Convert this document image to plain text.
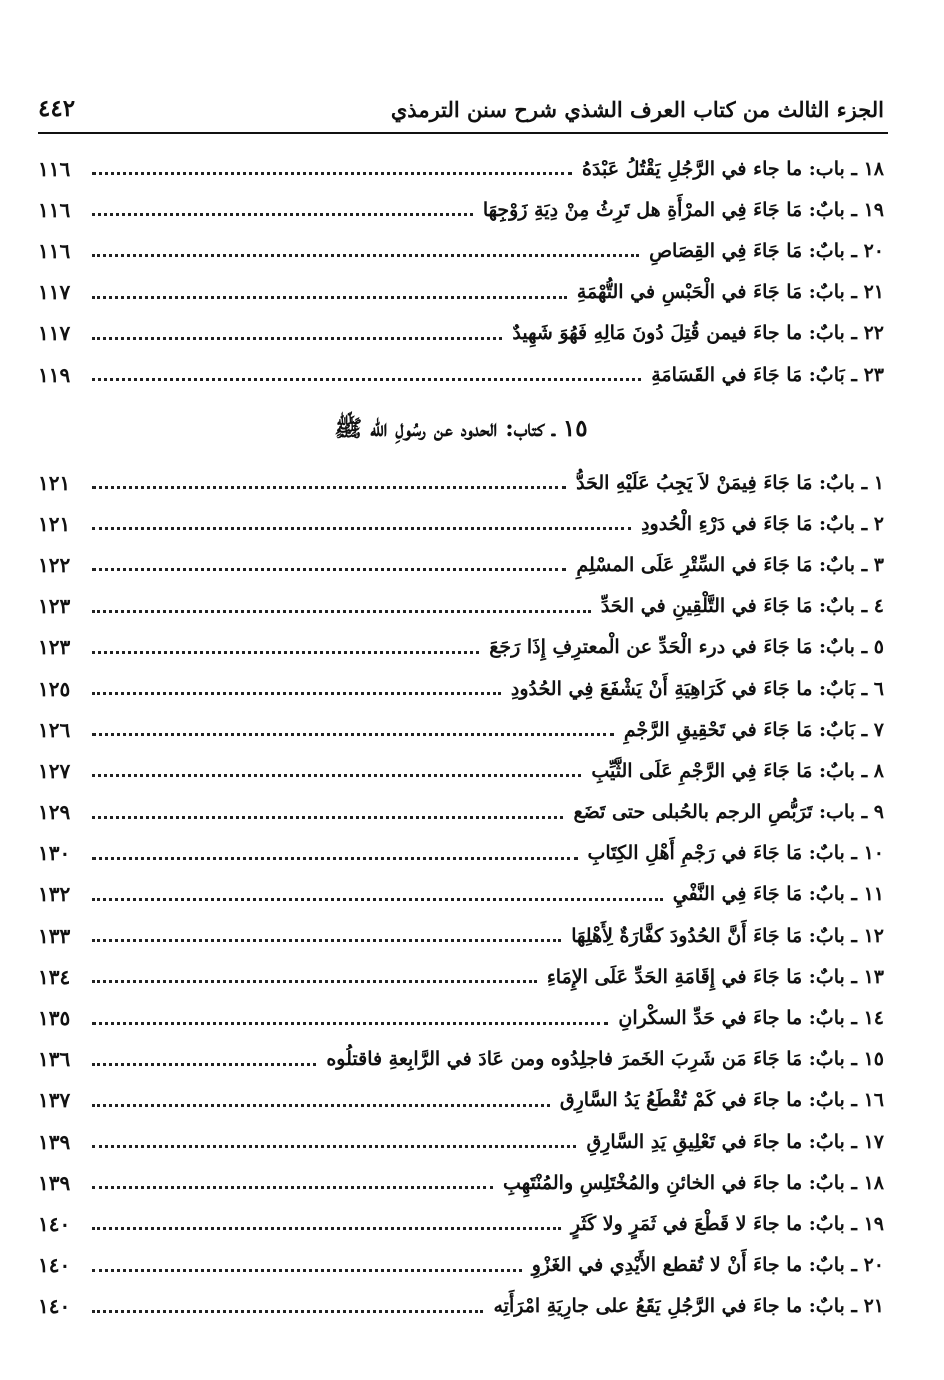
الجزء الثالث من كتاب العرف الشذي شرح سنن الترمذي
٤٤٢
١٨ ـ باب: ما جاء في الرَّجُلِ يَقْتُلُ عَبْدَهُ
١١٦
١٩ ـ بابٌ: مَا جَاءَ فِي المرْأَةِ هل تَرِثُ مِنْ دِيَةِ زَوْجِهَا
١١٦
٢٠ ـ بابٌ: مَا جَاءَ فِي القِصَاصِ
١١٦
٢١ ـ بابٌ: مَا جَاءَ في الْحَبْسِ في التُّهْمَةِ
١١٧
٢٢ ـ بابٌ: ما جاءَ فيمن قُتِلَ دُونَ مَالِهِ فَهُوَ شَهِيدٌ
١١٧
٢٣ ـ بَابٌ: مَا جَاءَ في القَسَامَةِ
١١٩
١٥ ـ كتاب: الحدود عن رسُولِ الله ﷺ
١ ـ بابٌ: مَا جَاءَ فِيمَنْ لاَ يَجِبُ عَلَيْهِ الحَدُّ
١٢١
٢ ـ بابٌ: مَا جَاءَ في دَرْءِ الْحُدودِ
١٢١
٣ ـ بابٌ: مَا جَاءَ في السِّتْرِ عَلَى المسْلِمِ
١٢٢
٤ ـ بابٌ: مَا جَاءَ في التَّلْقِينِ في الحَدِّ
١٢٣
٥ ـ بابٌ: مَا جَاءَ في درء الْحَدِّ عن الْمعترِفِ إِذَا رَجَعَ
١٢٣
٦ ـ بَابٌ: ما جَاءَ في كَرَاهِيَةِ أَنْ يَشْفَعَ فِي الحُدُودِ
١٢٥
٧ ـ بَابٌ: مَا جَاءَ في تَحْقِيقِ الرَّجْمِ
١٢٦
٨ ـ بابٌ: مَا جَاءَ فِي الرَّجْمِ عَلَى الثَّيِّبِ
١٢٧
٩ ـ باب: تَرَبُّصِ الرجم بالحُبلى حتى تَضَع
١٢٩
١٠ ـ بابٌ: مَا جَاءَ في رَجْمِ أَهْلِ الكِتَابِ
١٣٠
١١ ـ بابٌ: مَا جَاءَ فِي النَّفْيِ
١٣٢
١٢ ـ بابٌ: مَا جَاءَ أَنَّ الحُدُودَ كفَّارَةٌ لِأَهْلِهَا
١٣٣
١٣ ـ بابٌ: مَا جَاءَ في إِقَامَةِ الحَدِّ عَلَى الإِمَاءِ
١٣٤
١٤ ـ بابٌ: ما جاءَ في حَدِّ السكْرانِ
١٣٥
١٥ ـ بابٌ: مَا جَاءَ مَن شَرِبَ الخَمرَ فاجلِدُوه ومن عَادَ في الرَّابِعةِ فاقتلُوه
١٣٦
١٦ ـ بابٌ: ما جاءَ في كَمْ تُقْطَعُ يَدُ السَّارِق
١٣٧
١٧ ـ بابٌ: ما جاءَ في تَعْلِيقِ يَدِ السَّارِقِ
١٣٩
١٨ ـ بابٌ: ما جاءَ في الخائنِ والمُخْتَلِسِ والمُنْتَهِبِ
١٣٩
١٩ ـ بابٌ: ما جاءَ لا قَطْعَ في ثَمَرٍ ولا كَثَرٍ
١٤٠
٢٠ ـ بابٌ: ما جاءَ أَنْ لا تُقطع الأَيْدِي في الغَزْوِ
١٤٠
٢١ ـ بابٌ: ما جاءَ في الرَّجُلِ يَقَعُ على جارِيَةِ امْرَأَتِه
١٤٠
